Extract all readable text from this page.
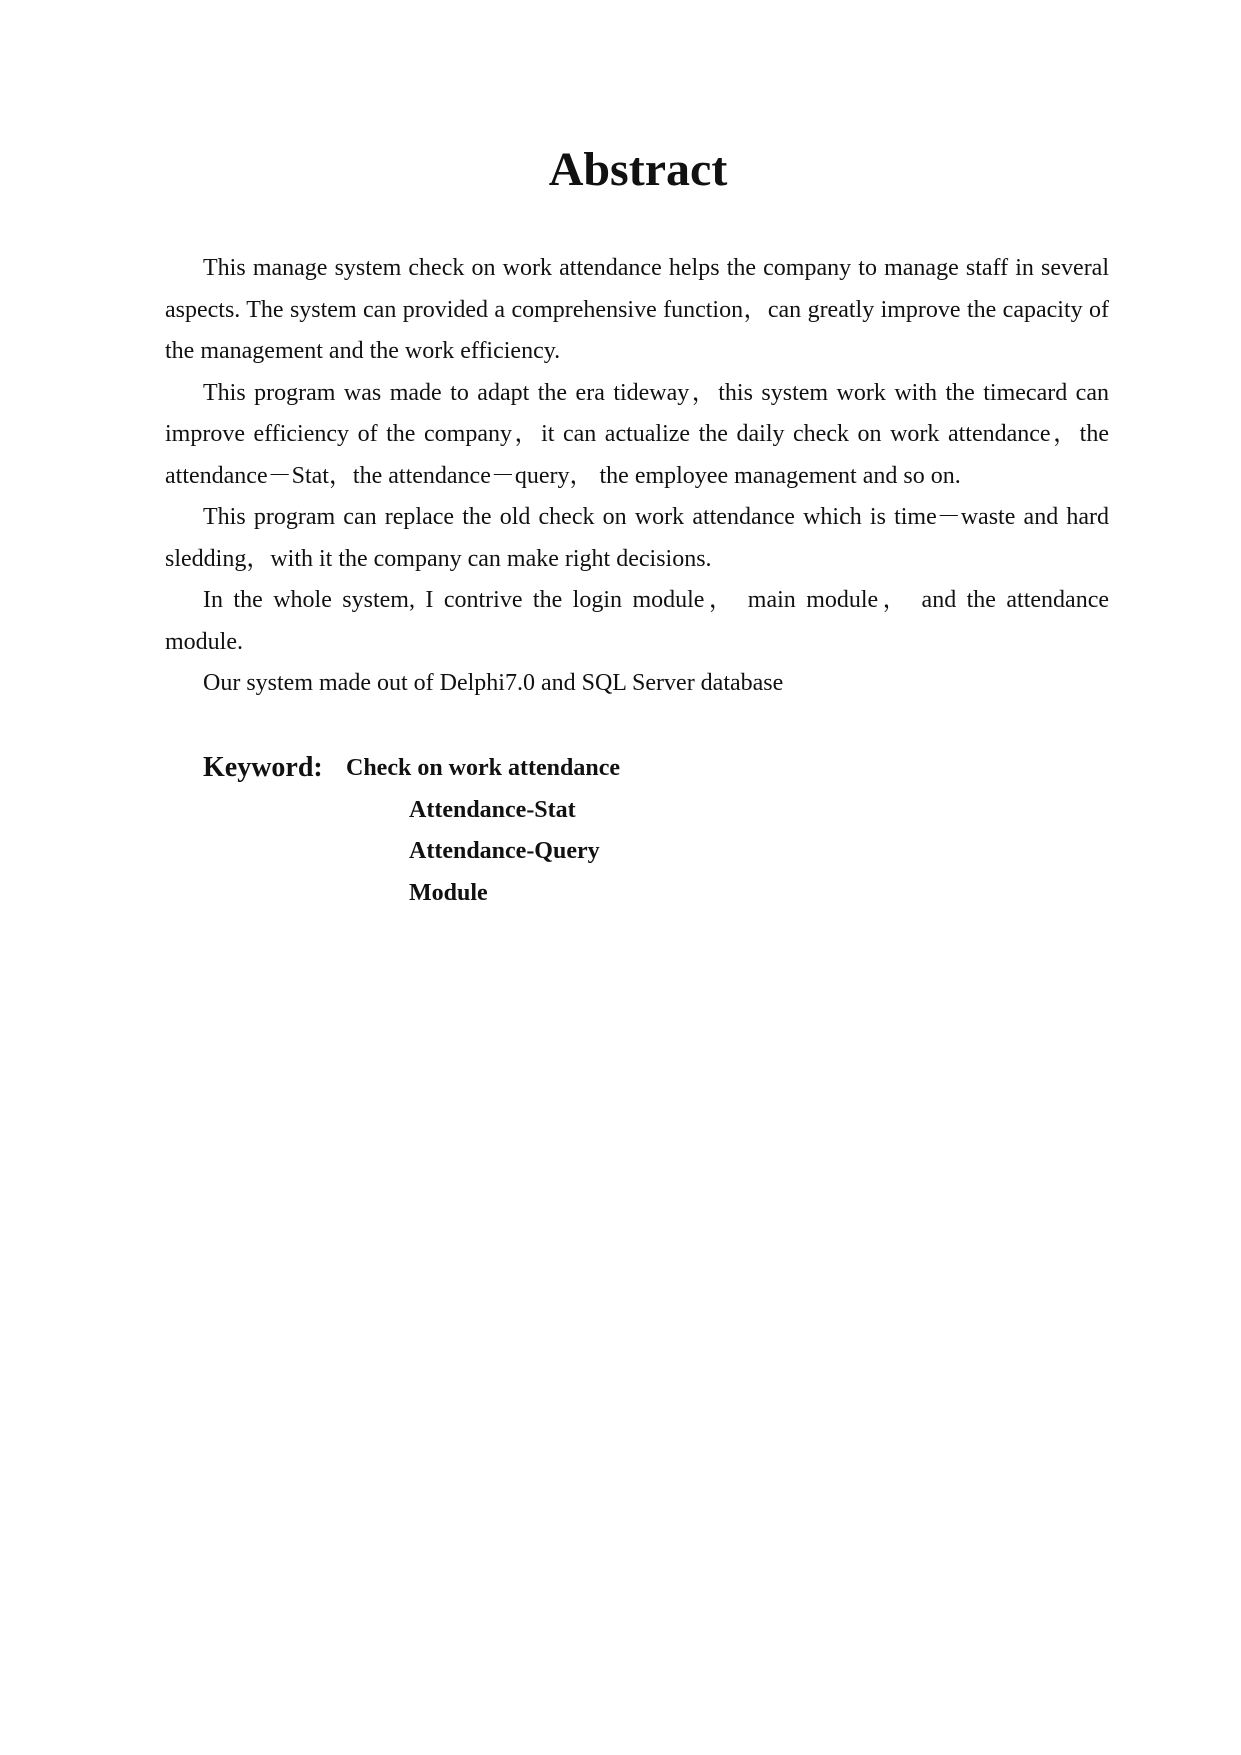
Abstract

This manage system check on work attendance helps the company to manage staff in several aspects. The system can provided a comprehensive function，can greatly improve the capacity of the management and the work efficiency.

This program was made to adapt the era tideway，this system work with the timecard can improve efficiency of the company，it can actualize the daily check on work attendance，the attendance－Stat，the attendance－query， the employee management and so on.

This program can replace the old check on work attendance which is time－waste and hard sledding，with it the company can make right decisions.

In the whole system, I contrive the login module， main module， and the attendance module.

Our system made out of Delphi7.0 and SQL Server database

Keyword: Check on work attendance
Attendance-Stat
Attendance-Query
Module
